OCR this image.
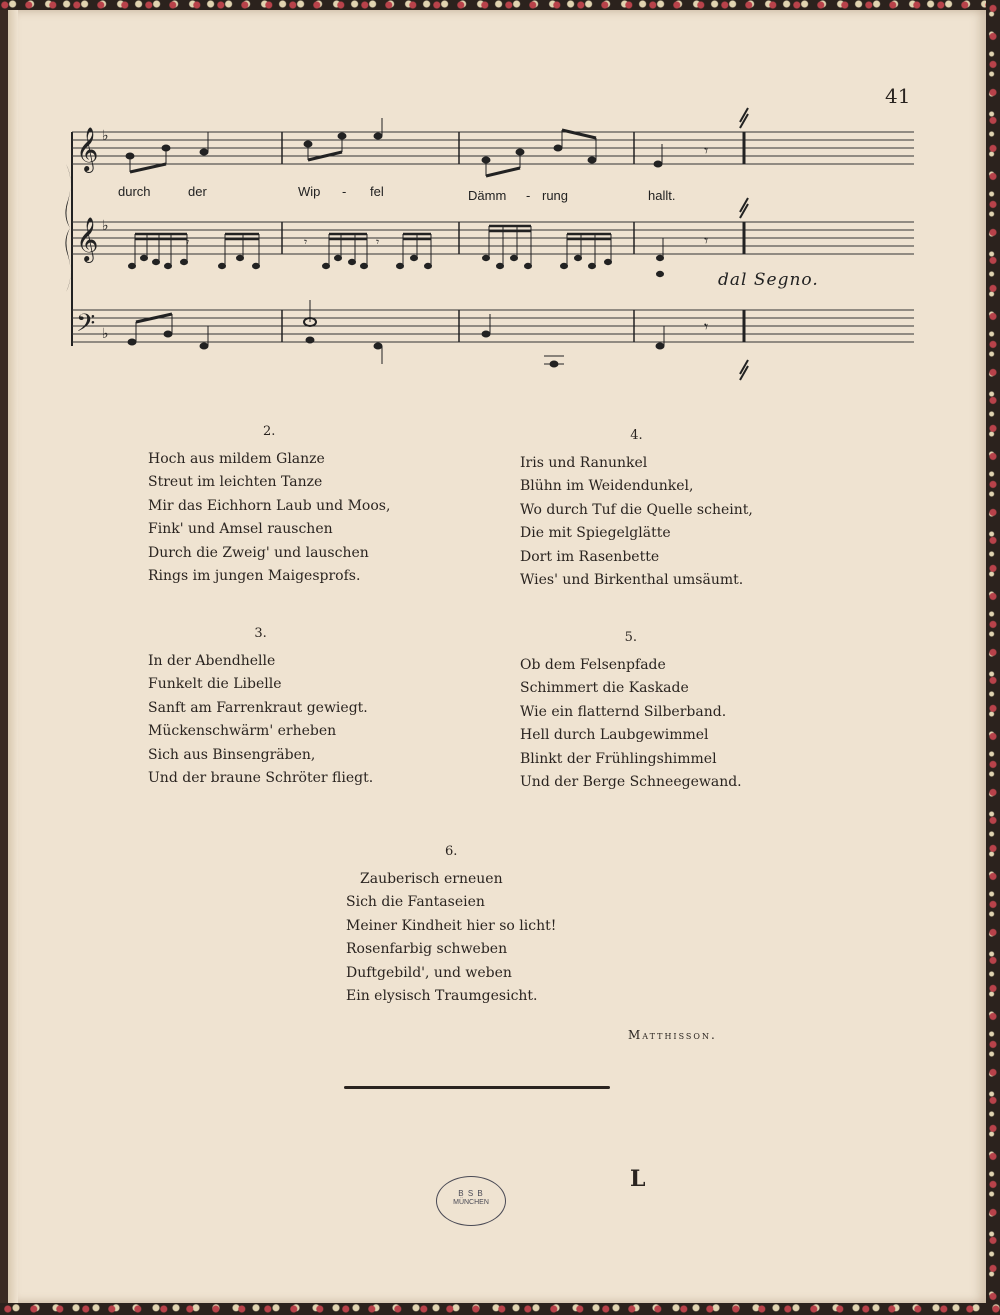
41
𝄞
𝄞
𝄢
♭
♭
♭
𝄾
durch	der	Wip - fel	Dämm - rung	hallt.
𝄾
𝄾	𝄾	𝄾
𝄾
dal Segno.
2.
Hoch aus mildem Glanze
Streut im leichten Tanze
Mir das Eichhorn Laub und Moos,
Fink' und Amsel rauschen
Durch die Zweig' und lauschen
Rings im jungen Maigesprofs.
3.
In der Abendhelle
Funkelt die Libelle
Sanft am Farrenkraut gewiegt.
Mückenschwärm' erheben
Sich aus Binsengräben,
Und der braune Schröter fliegt.
4.
Iris und Ranunkel
Blühn im Weidendunkel,
Wo durch Tuf die Quelle scheint,
Die mit Spiegelglätte
Dort im Rasenbette
Wies' und Birkenthal umsäumt.
5.
Ob dem Felsenpfade
Schimmert die Kaskade
Wie ein flatternd Silberband.
Hell durch Laubgewimmel
Blinkt der Frühlingshimmel
Und der Berge Schneegewand.
6.
Zauberisch erneuen
Sich die Fantaseien
Meiner Kindheit hier so licht!
Rosenfarbig schweben
Duftgebild', und weben
Ein elysisch Traumgesicht.
Matthisson.
L
B S B
MÜNCHEN
